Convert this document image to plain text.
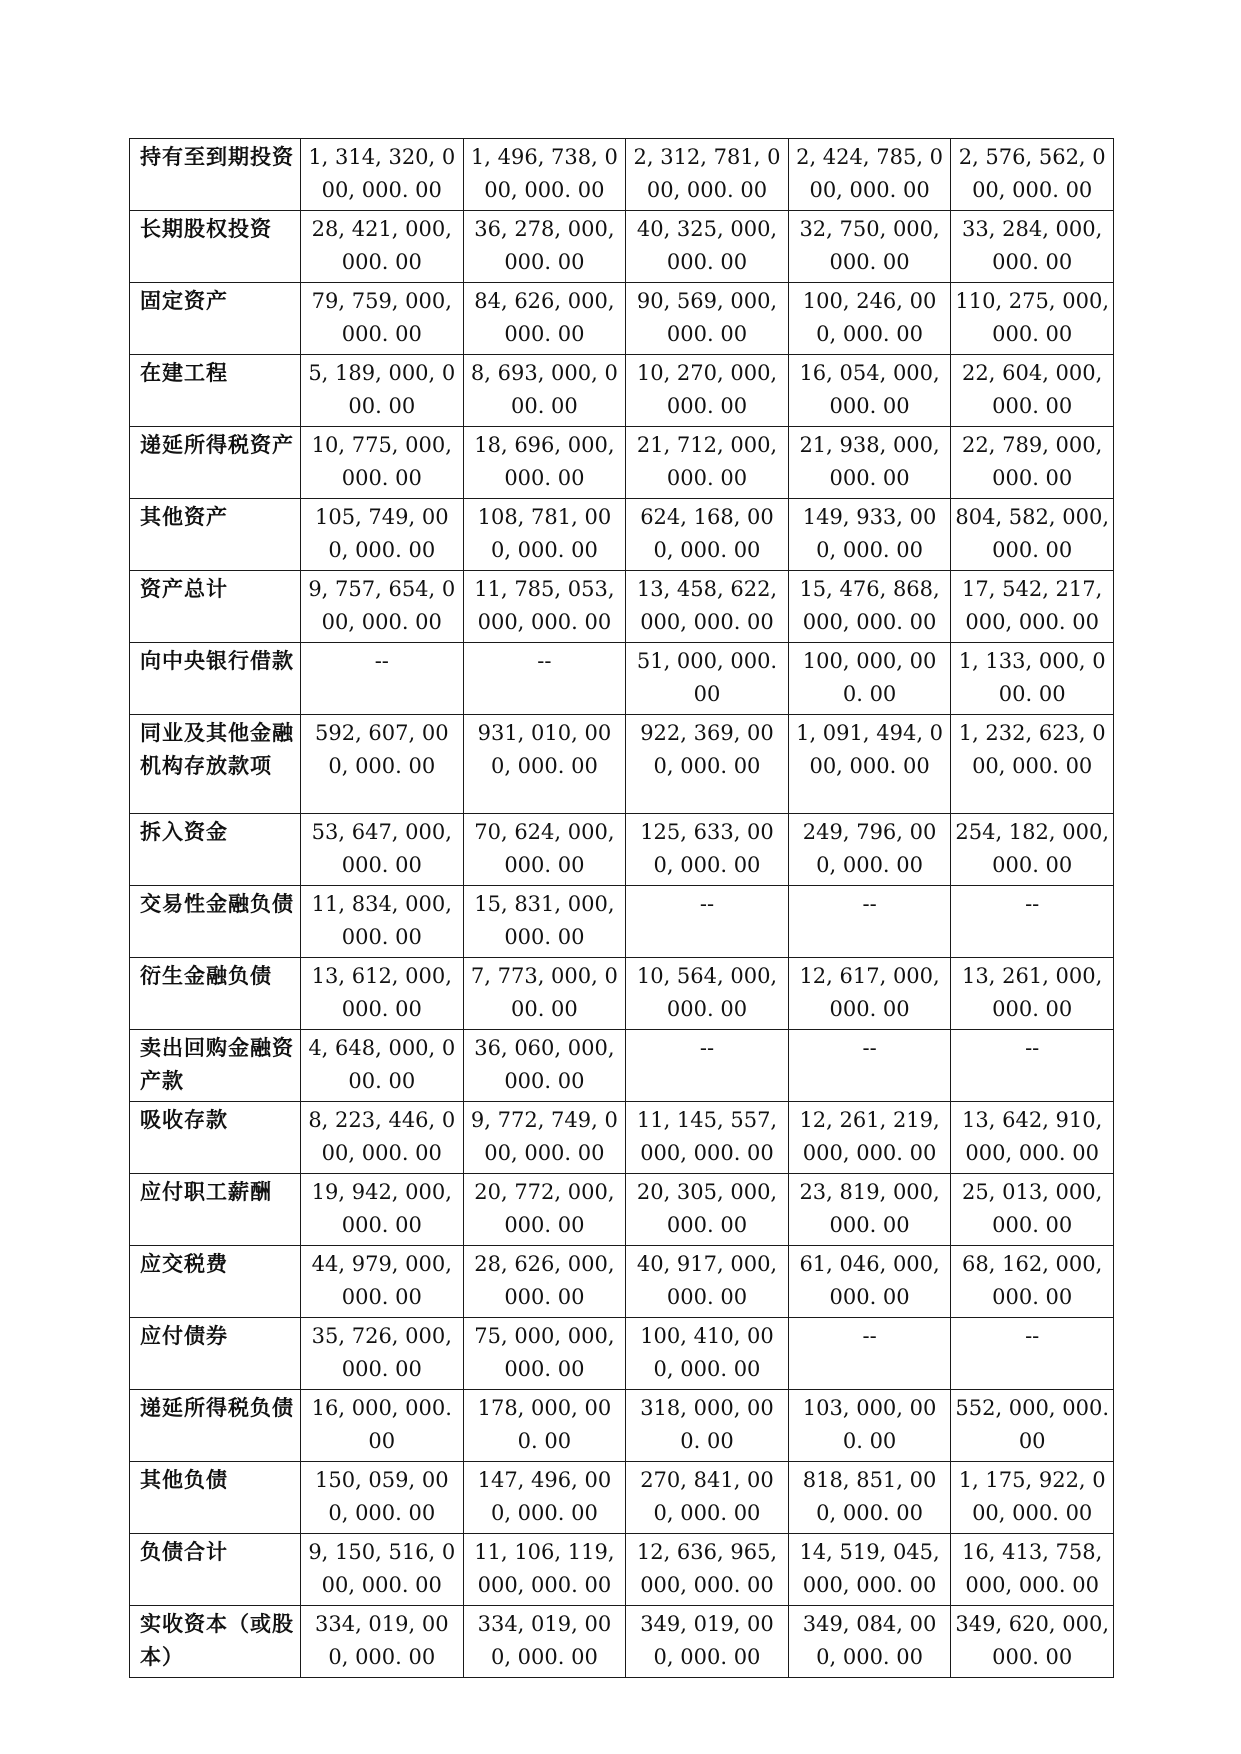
持有至到期投资	1, 314, 320, 000, 000. 00	1, 496, 738, 000, 000. 00	2, 312, 781, 000, 000. 00	2, 424, 785, 000, 000. 00	2, 576, 562, 000, 000. 00
长期股权投资	28, 421, 000, 000. 00	36, 278, 000, 000. 00	40, 325, 000, 000. 00	32, 750, 000, 000. 00	33, 284, 000, 000. 00
固定资产	79, 759, 000, 000. 00	84, 626, 000, 000. 00	90, 569, 000, 000. 00	100, 246, 000, 000. 00	110, 275, 000, 000. 00
在建工程	5, 189, 000, 000. 00	8, 693, 000, 000. 00	10, 270, 000, 000. 00	16, 054, 000, 000. 00	22, 604, 000, 000. 00
递延所得税资产	10, 775, 000, 000. 00	18, 696, 000, 000. 00	21, 712, 000, 000. 00	21, 938, 000, 000. 00	22, 789, 000, 000. 00
其他资产	105, 749, 000, 000. 00	108, 781, 000, 000. 00	624, 168, 000, 000. 00	149, 933, 000, 000. 00	804, 582, 000, 000. 00
资产总计	9, 757, 654, 000, 000. 00	11, 785, 053, 000, 000. 00	13, 458, 622, 000, 000. 00	15, 476, 868, 000, 000. 00	17, 542, 217, 000, 000. 00
向中央银行借款	--	--	51, 000, 000. 00	100, 000, 000. 00	1, 133, 000, 000. 00
同业及其他金融机构存放款项	592, 607, 000, 000. 00	931, 010, 000, 000. 00	922, 369, 000, 000. 00	1, 091, 494, 000, 000. 00	1, 232, 623, 000, 000. 00
拆入资金	53, 647, 000, 000. 00	70, 624, 000, 000. 00	125, 633, 000, 000. 00	249, 796, 000, 000. 00	254, 182, 000, 000. 00
交易性金融负债	11, 834, 000, 000. 00	15, 831, 000, 000. 00	--	--	--
衍生金融负债	13, 612, 000, 000. 00	7, 773, 000, 000. 00	10, 564, 000, 000. 00	12, 617, 000, 000. 00	13, 261, 000, 000. 00
卖出回购金融资产款	4, 648, 000, 000. 00	36, 060, 000, 000. 00	--	--	--
吸收存款	8, 223, 446, 000, 000. 00	9, 772, 749, 000, 000. 00	11, 145, 557, 000, 000. 00	12, 261, 219, 000, 000. 00	13, 642, 910, 000, 000. 00
应付职工薪酬	19, 942, 000, 000. 00	20, 772, 000, 000. 00	20, 305, 000, 000. 00	23, 819, 000, 000. 00	25, 013, 000, 000. 00
应交税费	44, 979, 000, 000. 00	28, 626, 000, 000. 00	40, 917, 000, 000. 00	61, 046, 000, 000. 00	68, 162, 000, 000. 00
应付债券	35, 726, 000, 000. 00	75, 000, 000, 000. 00	100, 410, 000, 000. 00	--	--
递延所得税负债	16, 000, 000. 00	178, 000, 000. 00	318, 000, 000. 00	103, 000, 000. 00	552, 000, 000. 00
其他负债	150, 059, 000, 000. 00	147, 496, 000, 000. 00	270, 841, 000, 000. 00	818, 851, 000, 000. 00	1, 175, 922, 000, 000. 00
负债合计	9, 150, 516, 000, 000. 00	11, 106, 119, 000, 000. 00	12, 636, 965, 000, 000. 00	14, 519, 045, 000, 000. 00	16, 413, 758, 000, 000. 00
实收资本（或股本）	334, 019, 000, 000. 00	334, 019, 000, 000. 00	349, 019, 000, 000. 00	349, 084, 000, 000. 00	349, 620, 000, 000. 00
